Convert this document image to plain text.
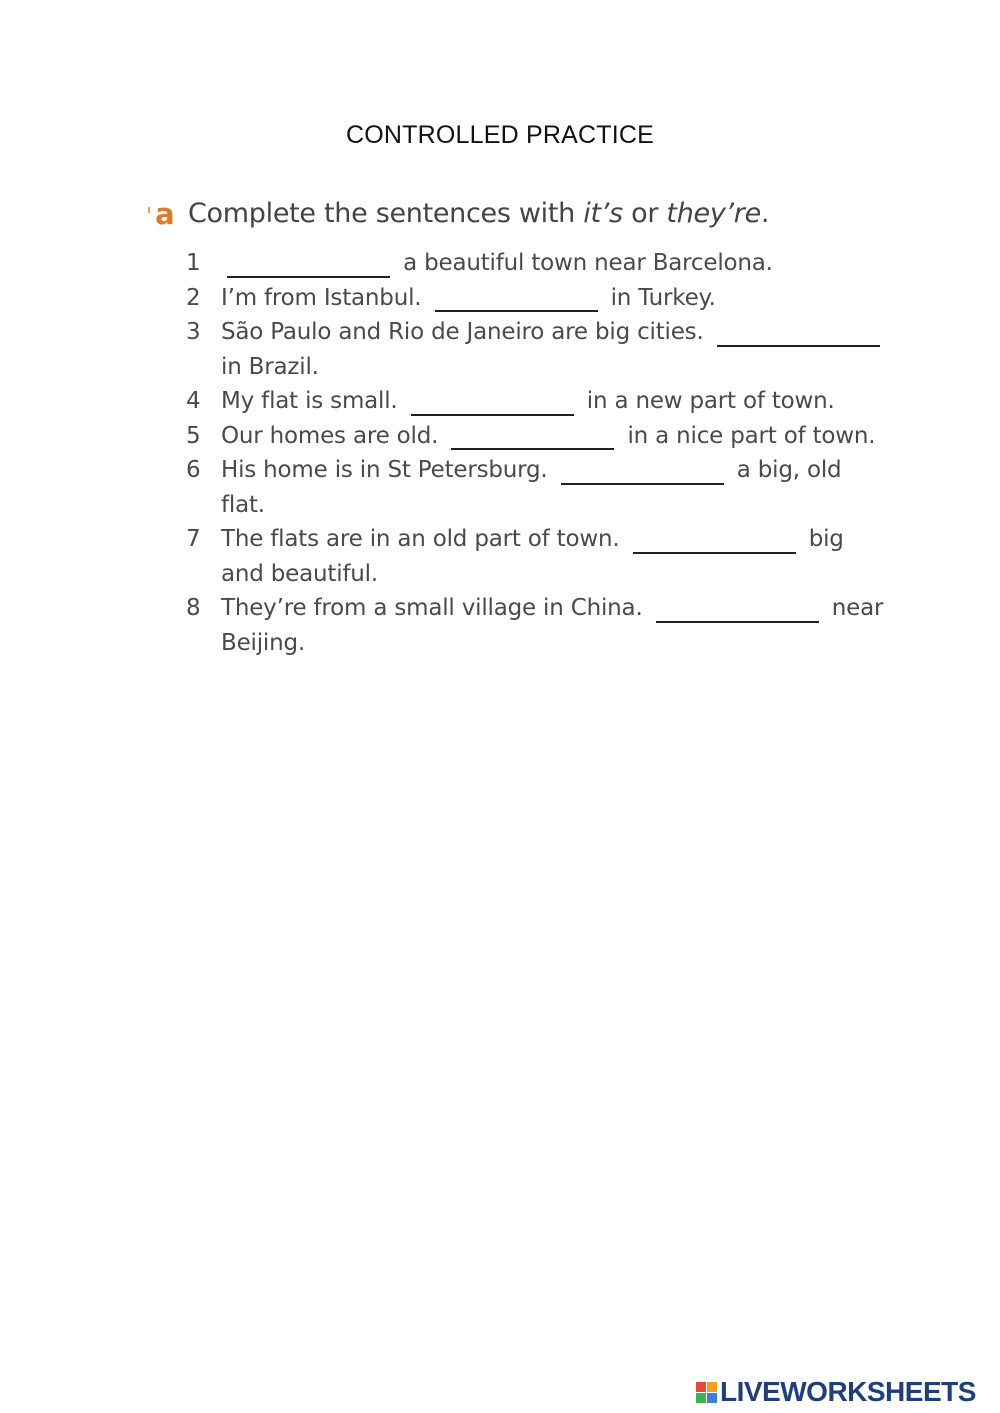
CONTROLLED PRACTICE
ˈ a Complete the sentences with it’s or they’re.
1	a beautiful town near Barcelona.
2 I’m from Istanbul.	in Turkey.
3 São Paulo and Rio de Janeiro are big cities.  in Brazil.
4 My flat is small.	in a new part of town.
5 Our homes are old.	in a nice part of town.
6 His home is in St Petersburg.	a big, old flat.
7 The flats are in an old part of town.	big and beautiful.
8 They’re from a small village in China.	near Beijing.
LIVEWORKSHEETS
